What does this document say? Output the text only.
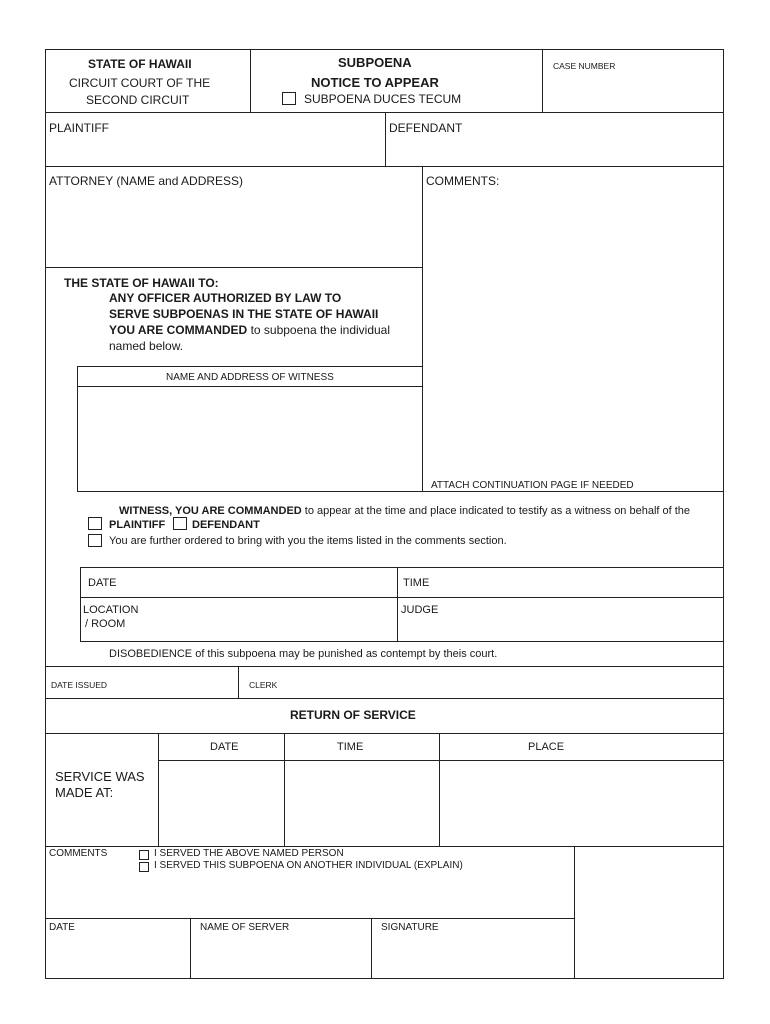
STATE OF HAWAII
CIRCUIT COURT OF THE
SECOND CIRCUIT
SUBPOENA
NOTICE TO APPEAR
SUBPOENA DUCES TECUM
CASE NUMBER
PLAINTIFF	DEFENDANT
ATTORNEY (NAME and ADDRESS)	COMMENTS:
ATTACH CONTINUATION PAGE IF NEEDED
THE STATE OF HAWAII TO:
ANY OFFICER AUTHORIZED BY LAW TO
SERVE SUBPOENAS IN THE STATE OF HAWAII
YOU ARE COMMANDED to subpoena the individual
named below.
NAME AND ADDRESS OF WITNESS
WITNESS, YOU ARE COMMANDED to appear at the time and place indicated to testify as a witness on behalf of the
PLAINTIFF DEFENDANT
You are further ordered to bring with you the items listed in the comments section.
DATE	TIME
LOCATION
/ ROOM
JUDGE
DISOBEDIENCE of this subpoena may be punished as contempt by theis court.
DATE ISSUED	CLERK
RETURN OF SERVICE
DATE	TIME	PLACE
SERVICE WAS
MADE AT:
COMMENTS	I SERVED THE ABOVE NAMED PERSON
I SERVED THIS SUBPOENA ON ANOTHER INDIVIDUAL (EXPLAIN)
DATE	NAME OF SERVER	SIGNATURE
